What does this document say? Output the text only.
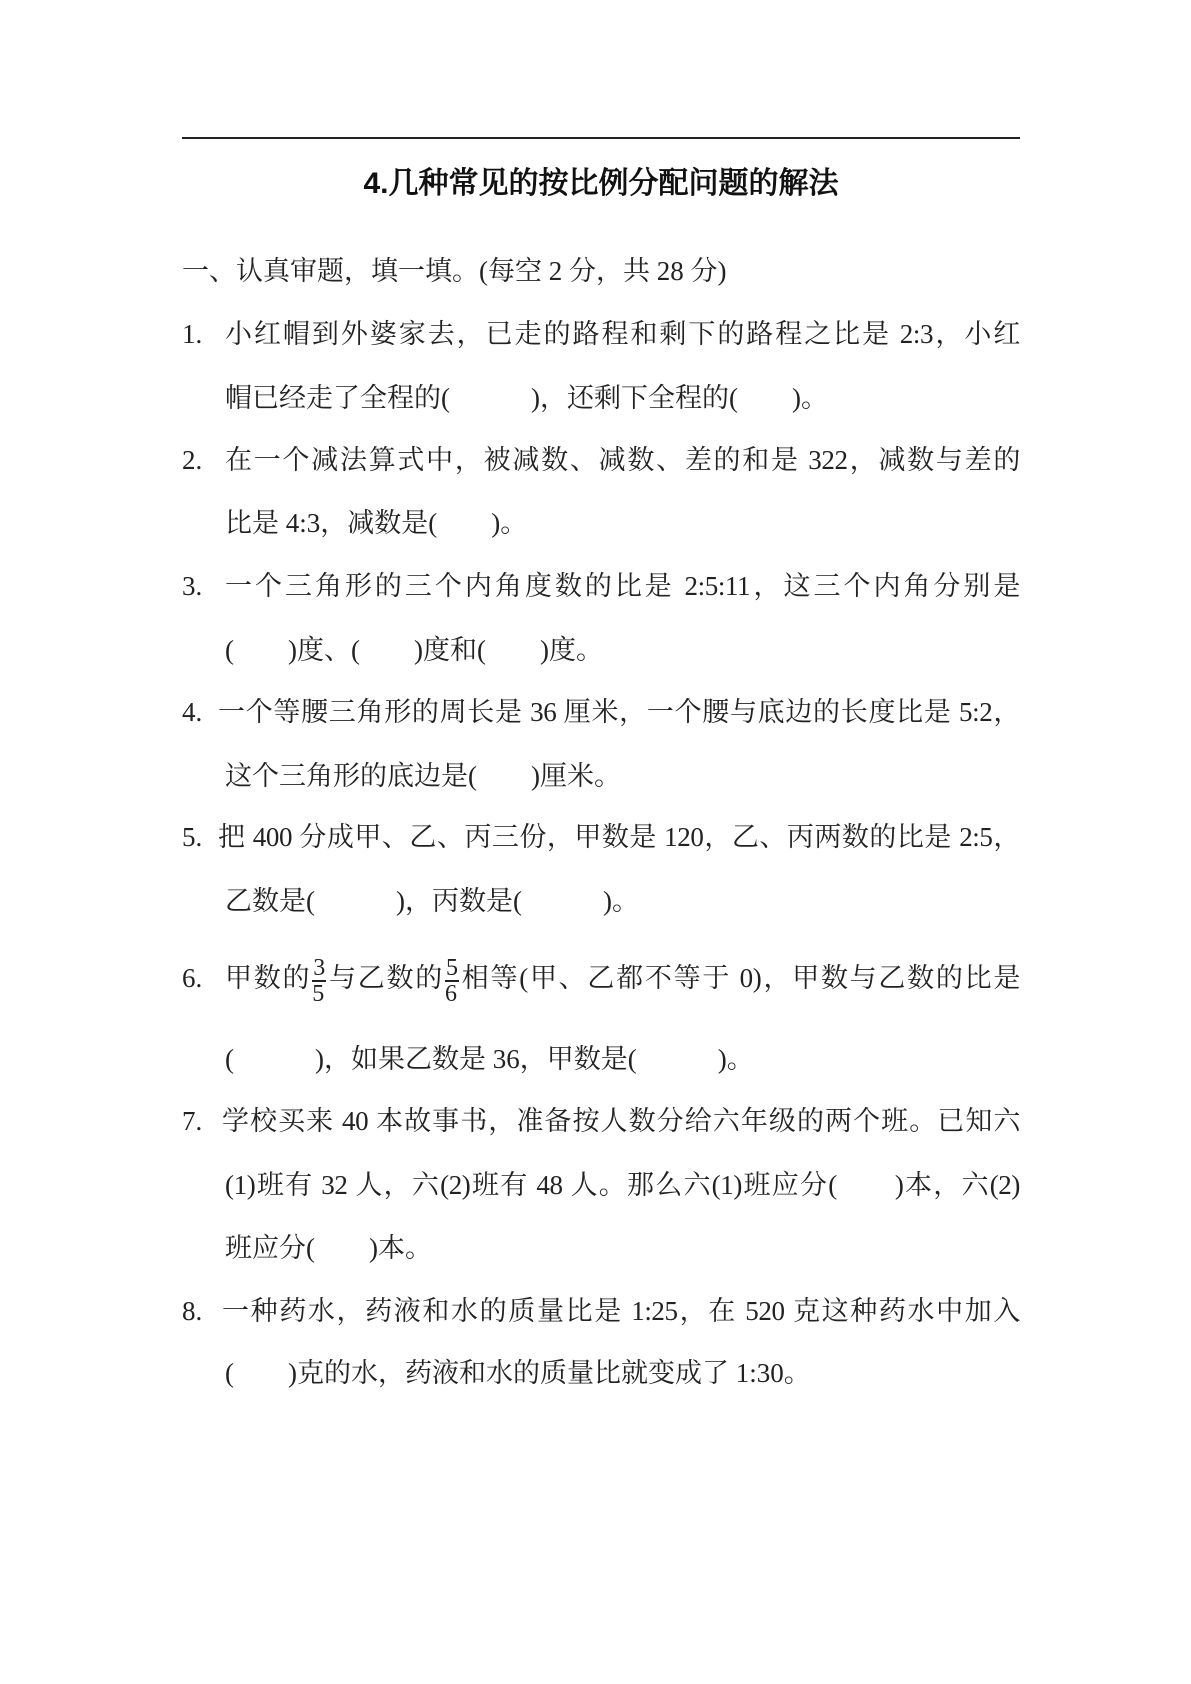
4.几种常见的按比例分配问题的解法
一、认真审题，填一填。(每空 2 分，共 28 分)
1. 小红帽到外婆家去，已走的路程和剩下的路程之比是 2:3，小红
帽已经走了全程的(　　　)，还剩下全程的(　　)。
2. 在一个减法算式中，被减数、减数、差的和是 322，减数与差的
比是 4:3，减数是(　　)。
3. 一个三角形的三个内角度数的比是 2:5:11，这三个内角分别是
(　　)度、(　　)度和(　　)度。
4. 一个等腰三角形的周长是 36 厘米，一个腰与底边的长度比是 5:2，
这个三角形的底边是(　　)厘米。
5. 把 400 分成甲、乙、丙三份，甲数是 120，乙、丙两数的比是 2:5，
乙数是(　　　)，丙数是(　　　)。
6. 甲数的 $\frac{3}{5}$ 与乙数的 $\frac{5}{6}$ 相等(甲、乙都不等于 0)，甲数与乙数的比是
(　　　)，如果乙数是 36，甲数是(　　　)。
7. 学校买来 40 本故事书，准备按人数分给六年级的两个班。已知六
(1)班有 32 人，六(2)班有 48 人。那么六(1)班应分(　　)本，六(2)
班应分(　　)本。
8. 一种药水，药液和水的质量比是 1:25，在 520 克这种药水中加入
(　　)克的水，药液和水的质量比就变成了 1:30。
